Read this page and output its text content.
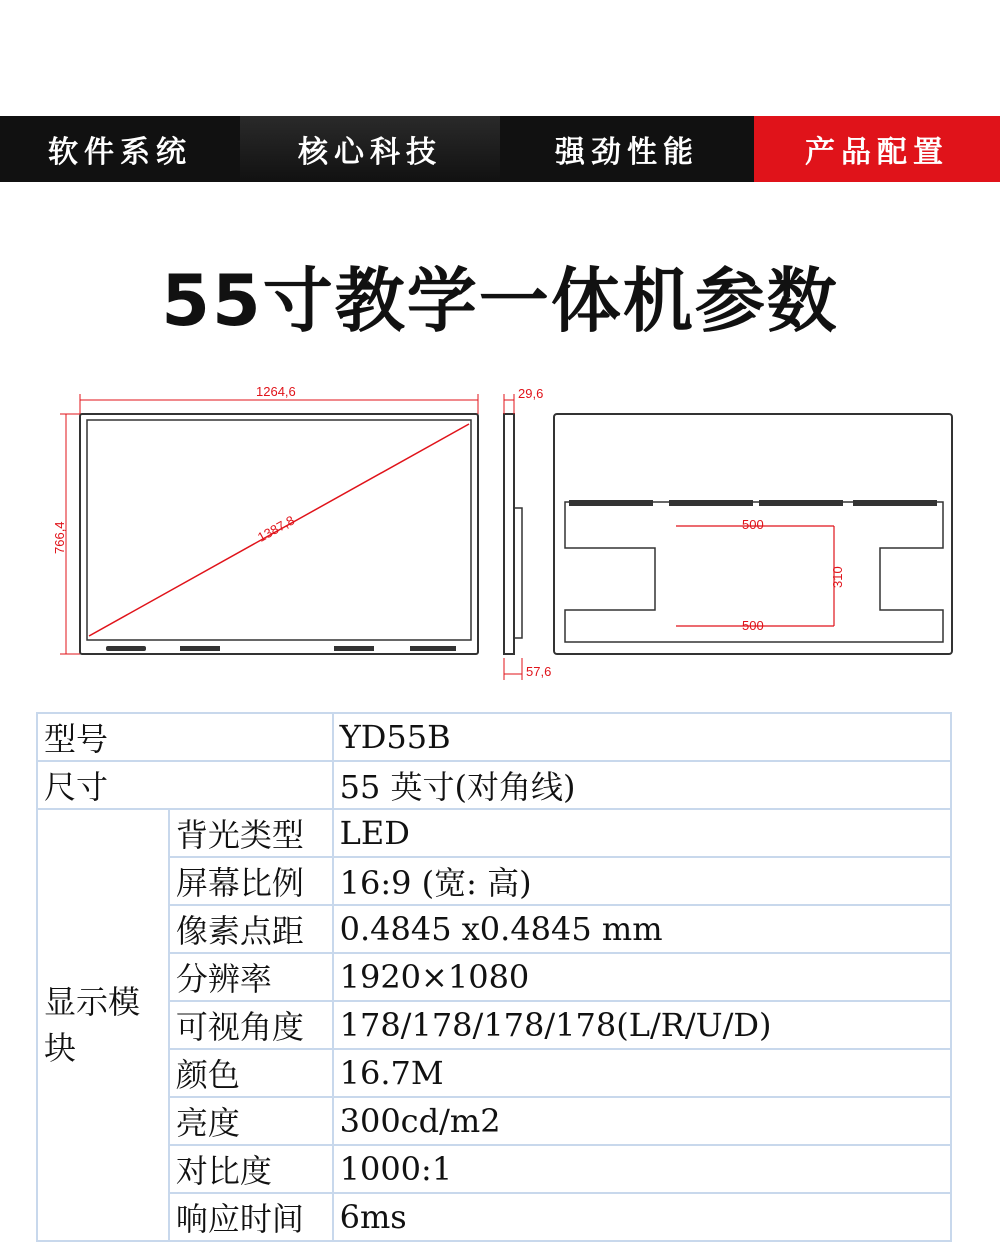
软件系统	核心科技	强劲性能	产品配置
55寸教学一体机参数
1387,8
1264,6
766,4
29,6
57,6
500
500
310
型号		YD55B
尺寸		55 英寸(对角线)
显示模块	背光类型	LED
	屏幕比例	16:9 (宽: 高)
	像素点距	0.4845 x0.4845 mm
	分辨率	1920×1080
	可视角度	178/178/178/178(L/R/U/D)
	颜色	16.7M
	亮度	300cd/m2
	对比度	1000:1
	响应时间	6ms
